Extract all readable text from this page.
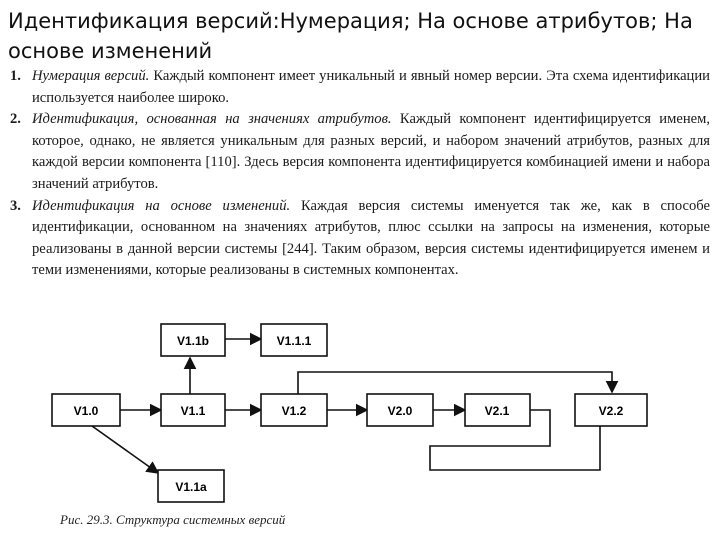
Идентификация версий:Нумерация; На основе атрибутов; На основе изменений
1. Нумерация версий. Каждый компонент имеет уникальный и явный номер версии. Эта схема идентификации используется наиболее широко.
2. Идентификация, основанная на значениях атрибутов. Каждый компонент идентифицируется именем, которое, однако, не является уникальным для разных версий, и набором значений атрибутов, разных для каждой версии компонента [110]. Здесь версия компонента идентифицируется комбинацией имени и набора значений атрибутов.
3. Идентификация на основе изменений. Каждая версия системы именуется так же, как в способе идентификации, основанном на значениях атрибутов, плюс ссылки на запросы на изменения, которые реализованы в данной версии системы [244]. Таким образом, версия системы идентифицируется именем и теми изменениями, которые реализованы в системных компонентах.
V1.0	V1.1
V1.1b	V1.1.1
V1.1a
V1.2	V2.0	V2.1	V2.2
Рис. 29.3. Структура системных версий
